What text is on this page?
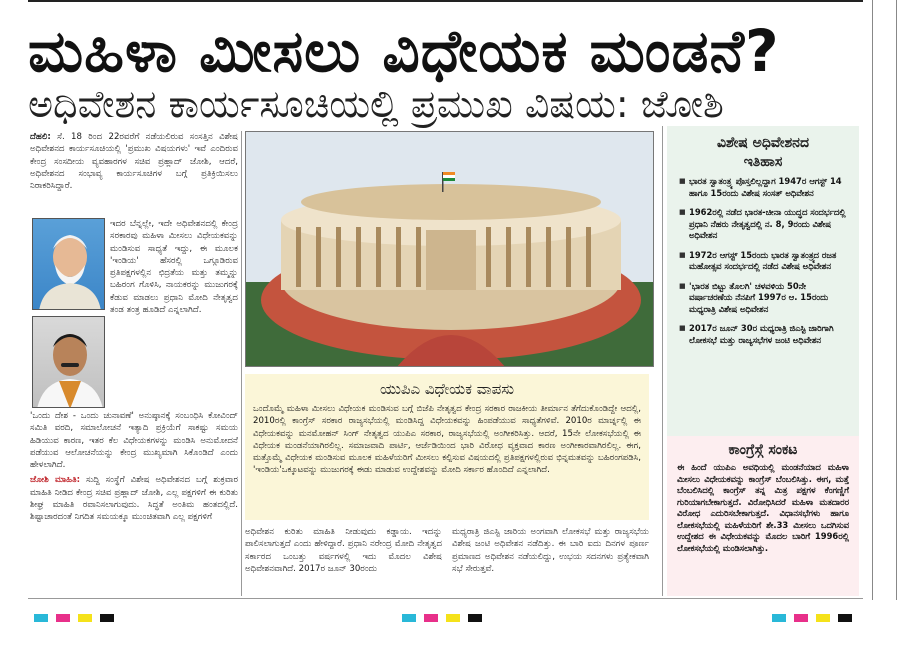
ಮಹಿಳಾ ಮೀಸಲು ವಿಧೇಯಕ ಮಂಡನೆ?
ಅಧಿವೇಶನ ಕಾರ್ಯಸೂಚಿಯಲ್ಲಿ ಪ್ರಮುಖ ವಿಷಯ: ಜೋಶಿ

ದೆಹಲಿ: ಸೆ. 18 ರಿಂದ 22ರವರೆಗೆ ನಡೆಯಲಿರುವ ಸಂಸತ್ತಿನ ವಿಶೇಷ ಅಧಿವೇಶನದ ಕಾರ್ಯಸೂಚಿಯಲ್ಲಿ 'ಪ್ರಮುಖ ವಿಷಯಗಳು' ಇವೆ ಎಂದಿರುವ ಕೇಂದ್ರ ಸಂಸದೀಯ ವ್ಯವಹಾರಗಳ ಸಚಿವ ಪ್ರಹ್ಲಾದ್ ಜೋಶಿ, ಆದರೆ, ಅಧಿವೇಶನದ ಸಂಭಾವ್ಯ ಕಾರ್ಯಸೂಚಿಗಳ ಬಗ್ಗೆ ಪ್ರತಿಕ್ರಿಯಿಸಲು ನಿರಾಕರಿಸಿದ್ದಾರೆ.

ಇದರ ಬೆನ್ನಲ್ಲೇ, ಇದೇ ಅಧಿವೇಶನದಲ್ಲಿ ಕೇಂದ್ರ ಸರಕಾರವು ಮಹಿಳಾ ಮೀಸಲು ವಿಧೇಯಕವನ್ನು ಮಂಡಿಸುವ ಸಾಧ್ಯತೆ ಇದ್ದು, ಈ ಮೂಲಕ 'ಇಂಡಿಯ' ಹೆಸರಲ್ಲಿ ಒಗ್ಗೂಡಿರುವ ಪ್ರತಿಪಕ್ಷಗಳಲ್ಲಿನ ಛಿದ್ರತೆಯ ಮತ್ತು ತಮ್ಮನ್ನು ಬಹಿರಂಗ ಗೊಳಿಸಿ, ನಾಯಕರನ್ನು ಮುಜುಗರಕ್ಕೆ ಕೆಡುವ ಮಾಡಲು ಪ್ರಧಾನಿ ಮೋದಿ ನೇತೃತ್ವದ ತಂಡ ತಂತ್ರ ಹೂಡಿದೆ ಎನ್ನಲಾಗಿದೆ.

'ಒಂದು ದೇಶ - ಒಂದು ಚುನಾವಣೆ' ಅನುಷ್ಠಾನಕ್ಕೆ ಸಂಬಂಧಿಸಿ ಕೋವಿಂದ್ ಸಮಿತಿ ವರದಿ, ಸಮಾಲೋಚನೆ ಇತ್ಯಾದಿ ಪ್ರಕ್ರಿಯೆಗೆ ಸಾಕಷ್ಟು ಸಮಯ ಹಿಡಿಯುವ ಕಾರಣ, ಇತರ ಕೆಲ ವಿಧೇಯಕಗಳನ್ನು ಮಂಡಿಸಿ ಅನುಮೋದನೆ ಪಡೆಯುವ ಆಲೋಚನೆಯನ್ನು ಕೇಂದ್ರ ಮುಖ್ಯಮಾಗಿ ಸಿಕೊಂಡಿದೆ ಎಂದು ಹೇಳಲಾಗಿದೆ.

ಜೋಶಿ ಮಾಹಿತಿ: ಸುದ್ದಿ ಸಂಸ್ಥೆಗೆ ವಿಶೇಷ ಅಧಿವೇಶನದ ಬಗ್ಗೆ ಶುಕ್ರವಾರ ಮಾಹಿತಿ ನೀಡಿದ ಕೇಂದ್ರ ಸಚಿವ ಪ್ರಹ್ಲಾದ್ ಜೋಶಿ, ಎಲ್ಲ ಪಕ್ಷಗಳಿಗೆ ಈ ಕುರಿತು ಶೀಘ್ರ ಮಾಹಿತಿ ರವಾನಿಸಲಾಗುವುದು. ಸಿದ್ಧತೆ ಅಂತಿಮ ಹಂತದಲ್ಲಿದೆ. ಶಿಷ್ಟಾಚಾರದಂತೆ ನಿಗದಿತ ಸಮಯಕ್ಕೂ ಮುಂಚಿತವಾಗಿ ಎಲ್ಲ ಪಕ್ಷಗಳಿಗೆ

ಯುಪಿಎ ವಿಧೇಯಕ ವಾಪಸು
ಒಂದೊಮ್ಮೆ ಮಹಿಳಾ ಮೀಸಲು ವಿಧೇಯಕ ಮಂಡಿಸುವ ಬಗ್ಗೆ ಬಿಜೆಪಿ ನೇತೃತ್ವದ ಕೇಂದ್ರ ಸರಕಾರ ರಾಜಕೀಯ ತೀರ್ಮಾನ ತೆಗೆದುಕೊಂಡಿದ್ದೇ ಆದಲ್ಲಿ, 2010ರಲ್ಲಿ ಕಾಂಗ್ರೆಸ್ ಸರಕಾರ ರಾಜ್ಯಸಭೆಯಲ್ಲಿ ಮಂಡಿಸಿದ್ದ ವಿಧೇಯಕವನ್ನು ಹಿಂಪಡೆಯುವ ಸಾಧ್ಯತೆಗಳಿವೆ. 2010ರ ಮಾರ್ಚ್ನಲ್ಲಿ ಈ ವಿಧೇಯಕವನ್ನು ಮನಮೋಹನ್ ಸಿಂಗ್ ನೇತೃತ್ವದ ಯುಪಿಎ ಸರಕಾರ, ರಾಜ್ಯಸಭೆಯಲ್ಲಿ ಅಂಗೀಕರಿಸಿತ್ತು. ಆದರೆ, 15ನೇ ಲೋಕಸಭೆಯಲ್ಲಿ ಈ ವಿಧೇಯಕ ಮಂಡನೆಯಾಗಿರಲಿಲ್ಲ. ಸಮಾಜವಾದಿ ಪಾರ್ಟಿ, ಆರ್ಜೆಡಿಯಿಂದ ಭಾರಿ ವಿರೋಧ ವ್ಯಕ್ತವಾದ ಕಾರಣ ಅಂಗೀಕಾರವಾಗಿರಲಿಲ್ಲ. ಈಗ, ಮತ್ತೊಮ್ಮೆ ವಿಧೇಯಕ ಮಂಡಿಸುವ ಮೂಲಕ ಮಹಿಳೆಯರಿಗೆ ಮೀಸಲು ಕಲ್ಪಿಸುವ ವಿಷಯದಲ್ಲಿ ಪ್ರತಿಪಕ್ಷಗಳಲ್ಲಿರುವ ಭಿನ್ನಮತವನ್ನು ಬಹಿರಂಗಪಡಿಸಿ, 'ಇಂಡಿಯ'ಒಕ್ಕೂಟವನ್ನು ಮುಜುಗರಕ್ಕೆ ಈಡು ಮಾಡುವ ಉದ್ದೇಶವನ್ನು ಮೋದಿ ಸರ್ಕಾರ ಹೊಂದಿದೆ ಎನ್ನಲಾಗಿದೆ.
ಅಧಿವೇಶನ ಕುರಿತು ಮಾಹಿತಿ ನೀಡುವುದು ಕಡ್ಡಾಯ. ಇದನ್ನು ಪಾಲಿಸಲಾಗುತ್ತದೆ ಎಂದು ಹೇಳಿದ್ದಾರೆ. ಪ್ರಧಾನಿ ನರೇಂದ್ರ ಮೋದಿ ನೇತೃತ್ವದ ಸರ್ಕಾರದ ಒಂಬತ್ತು ವರ್ಷಗಳಲ್ಲಿ ಇದು ಮೊದಲ ವಿಶೇಷ ಅಧಿವೇಶನವಾಗಿದೆ. 2017ರ ಜೂನ್ 30ರಂದು
ಮಧ್ಯರಾತ್ರಿ ಜಿಎಸ್ಟಿ ಜಾರಿಯ ಅಂಗವಾಗಿ ಲೋಕಸಭೆ ಮತ್ತು ರಾಜ್ಯಸಭೆಯ ವಿಶೇಷ ಜಂಟಿ ಅಧಿವೇಶನ ನಡೆದಿತ್ತು. ಈ ಬಾರಿ ಐದು ದಿನಗಳ ಪೂರ್ಣ ಪ್ರಮಾಣದ ಅಧಿವೇಶನ ನಡೆಯಲಿದ್ದು, ಉಭಯ ಸದನಗಳು ಪ್ರತ್ಯೇಕವಾಗಿ ಸಭೆ ಸೇರುತ್ತವೆ.
ವಿಶೇಷ ಅಧಿವೇಶನದ
ಇತಿಹಾಸ
■ ಭಾರತ ಸ್ವಾತಂತ್ರ್ಯ ಪೊಸ್ತಲಿಲ್ಲದ್ದಾಗ 1947ರ ಆಗಸ್ಟ್ 14 ಹಾಗೂ 15ರಂದು ವಿಶೇಷ ಸಂಸತ್ ಅಧಿವೇಶನ
■ 1962ರಲ್ಲಿ ನಡೆದ ಭಾರತ-ಚೀನಾ ಯುದ್ಧದ ಸಂದರ್ಭದಲ್ಲಿ ಪ್ರಧಾನಿ ನೆಹರು ನೇತೃತ್ವದಲ್ಲಿ ನ. 8, 9ರಂದು ವಿಶೇಷ ಅಧಿವೇಶನ
■ 1972ರ ಆಗಸ್ಟ್ 15ರಂದು ಭಾರತ ಸ್ವಾತಂತ್ರ್ಯದ ರಜತ ಮಹೋತ್ಸವ ಸಂದರ್ಭದಲ್ಲಿ ನಡೆದ ವಿಶೇಷ ಅಧಿವೇಶನ
■ 'ಭಾರತ ಬಿಟ್ಟು ತೊಲಗಿ' ಚಳವಳಿಯ 50ನೇ ವರ್ಷಾಚರಣೆಯ ನೆನಪಿಗೆ 1997ರ ಆ. 15ರಂದು ಮಧ್ಯರಾತ್ರಿ ವಿಶೇಷ ಅಧಿವೇಶನ
■ 2017ರ ಜೂನ್ 30ರ ಮಧ್ಯರಾತ್ರಿ ಜಿಎಸ್ಟಿ ಜಾರಿಗಾಗಿ ಲೋಕಸಭೆ ಮತ್ತು ರಾಜ್ಯಸಭೆಗಳ ಜಂಟಿ ಅಧಿವೇಶನ
ಕಾಂಗ್ರೆಸ್ಗೆ ಸಂಕಟ
ಈ ಹಿಂದೆ ಯುಪಿಎ ಅವಧಿಯಲ್ಲಿ ಮಂಡನೆಯಾದ ಮಹಿಳಾ ಮೀಸಲು ವಿಧೇಯಕವನ್ನು ಕಾಂಗ್ರೆಸ್ ಬೆಂಬಲಿಸಿತ್ತು. ಈಗ, ಮತ್ತೆ ಬೆಂಬಲಿಸಿದಲ್ಲಿ ಕಾಂಗ್ರೆಸ್ ತನ್ನ ಮಿತ್ರ ಪಕ್ಷಗಳ ಕೆಂಗಣ್ಣಿಗೆ ಗುರಿಯಾಗಬೇಕಾಗುತ್ತದೆ. ವಿರೋಧಿಸಿದರೆ ಮಹಿಳಾ ಮತದಾರರ ವಿರೋಧ ಎದುರಿಸಬೇಕಾಗುತ್ತದೆ. ವಿಧಾನಸಭೆಗಳು ಹಾಗೂ ಲೋಕಸಭೆಯಲ್ಲಿ ಮಹಿಳೆಯರಿಗೆ ಶೇ.33 ಮೀಸಲು ಒದಗಿಸುವ ಉದ್ದೇಶದ ಈ ವಿಧೇಯಕವನ್ನು ಮೊದಲ ಬಾರಿಗೆ 1996ರಲ್ಲಿ ಲೋಕಸಭೆಯಲ್ಲಿ ಮಂಡಿಸಲಾಗಿತ್ತು.
